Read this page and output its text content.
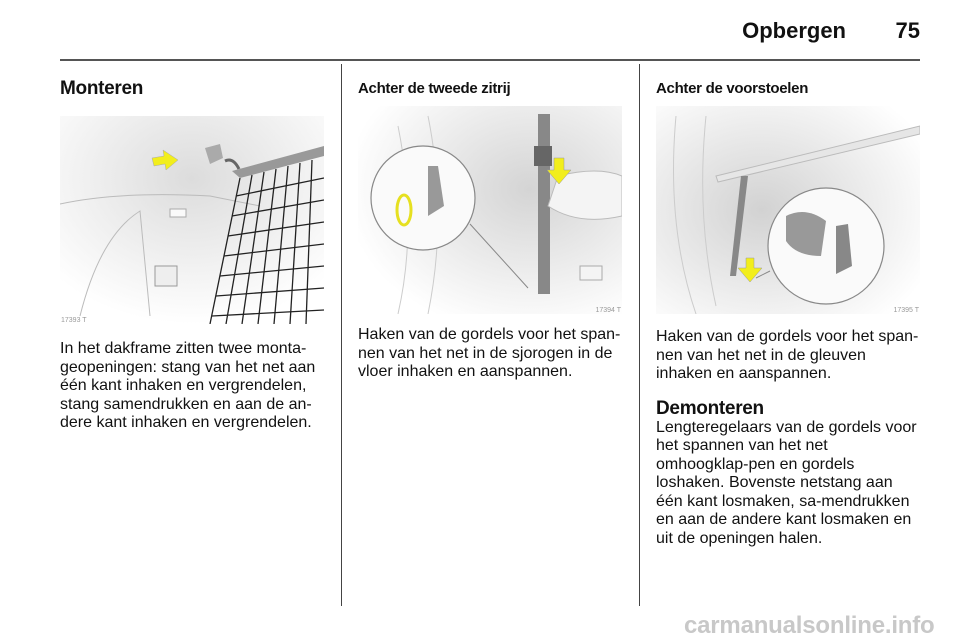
Opbergen	75
Monteren
17393 T

In het dakframe zitten twee monta-geopeningen: stang van het net aan één kant inhaken en vergrendelen, stang samendrukken en aan de an-dere kant inhaken en vergrendelen.

Achter de tweede zitrij
17394 T

Haken van de gordels voor het span-nen van het net in de sjorogen in de vloer inhaken en aanspannen.

Achter de voorstoelen
17395 T

Haken van de gordels voor het span-nen van het net in de gleuven inhaken en aanspannen.

Demonteren

Lengteregelaars van de gordels voor het spannen van het net omhoogklap-pen en gordels loshaken. Bovenste netstang aan één kant losmaken, sa-mendrukken en aan de andere kant losmaken en uit de openingen halen.

carmanualsonline.info
